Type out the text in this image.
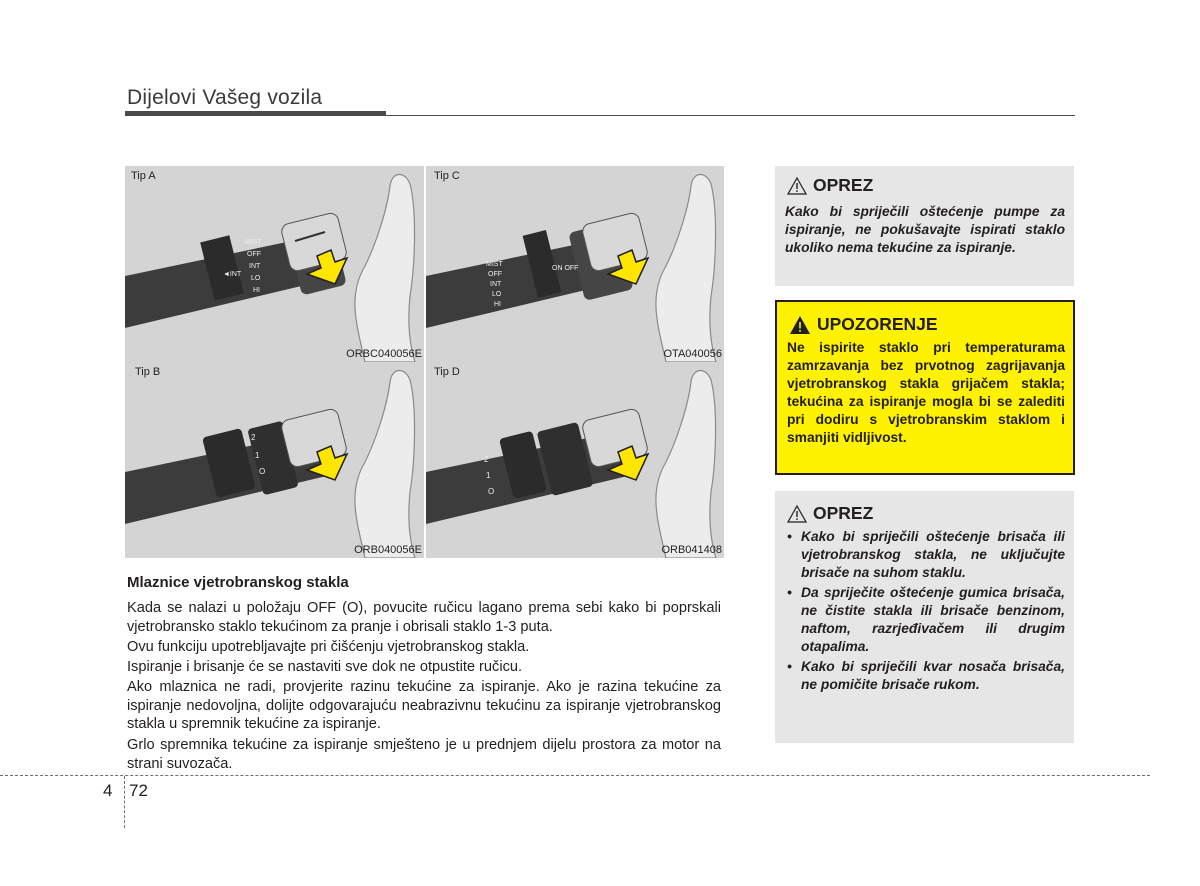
Dijelovi Vašeg vozila
MIST
OFF
INT
LO
HI
◄INT
Tip A
ORBC040056E
MIST
OFF
INT
LO
HI
ON OFF
Tip C
OTA040056
2
1
O
Tip B
ORB040056E
2
1
O
Tip D
ORB041408
Mlaznice vjetrobranskog stakla
Kada se nalazi u položaju OFF (O), povucite ručicu lagano prema sebi kako bi poprskali vjetrobransko staklo tekućinom za pranje i obrisali staklo 1-3 puta.
Ovu funkciju upotrebljavajte pri čišćenju vjetrobranskog stakla.
Ispiranje i brisanje će se nastaviti sve dok ne otpustite ručicu.
Ako mlaznica ne radi, provjerite razinu tekućine za ispiranje. Ako je razina tekućine za ispiranje nedovoljna, dolijte odgovarajuću neabrazivnu tekućinu za ispiranje vjetrobranskog stakla u spremnik tekućine za ispiranje.
Grlo spremnika tekućine za ispiranje smješteno je u prednjem dijelu prostora za motor na strani suvozača.
OPREZ
Kako bi spriječili oštećenje pumpe za ispiranje, ne pokušavajte ispirati staklo ukoliko nema tekućine za ispiranje.
UPOZORENJE
Ne ispirite staklo pri temperaturama zamrzavanja bez prvotnog zagrijavanja vjetrobranskog stakla grijačem stakla; tekućina za ispiranje mogla bi se zalediti pri dodiru s vjetrobranskim staklom i smanjiti vidljivost.
OPREZ
• Kako bi spriječili oštećenje brisača ili vjetrobranskog stakla, ne uključujte brisače na suhom staklu.
• Da spriječite oštećenje gumica brisača, ne čistite stakla ili brisače benzinom, naftom, razrjeđivačem ili drugim otapalima.
• Kako bi spriječili kvar nosača brisača, ne pomičite brisače rukom.
4 72
